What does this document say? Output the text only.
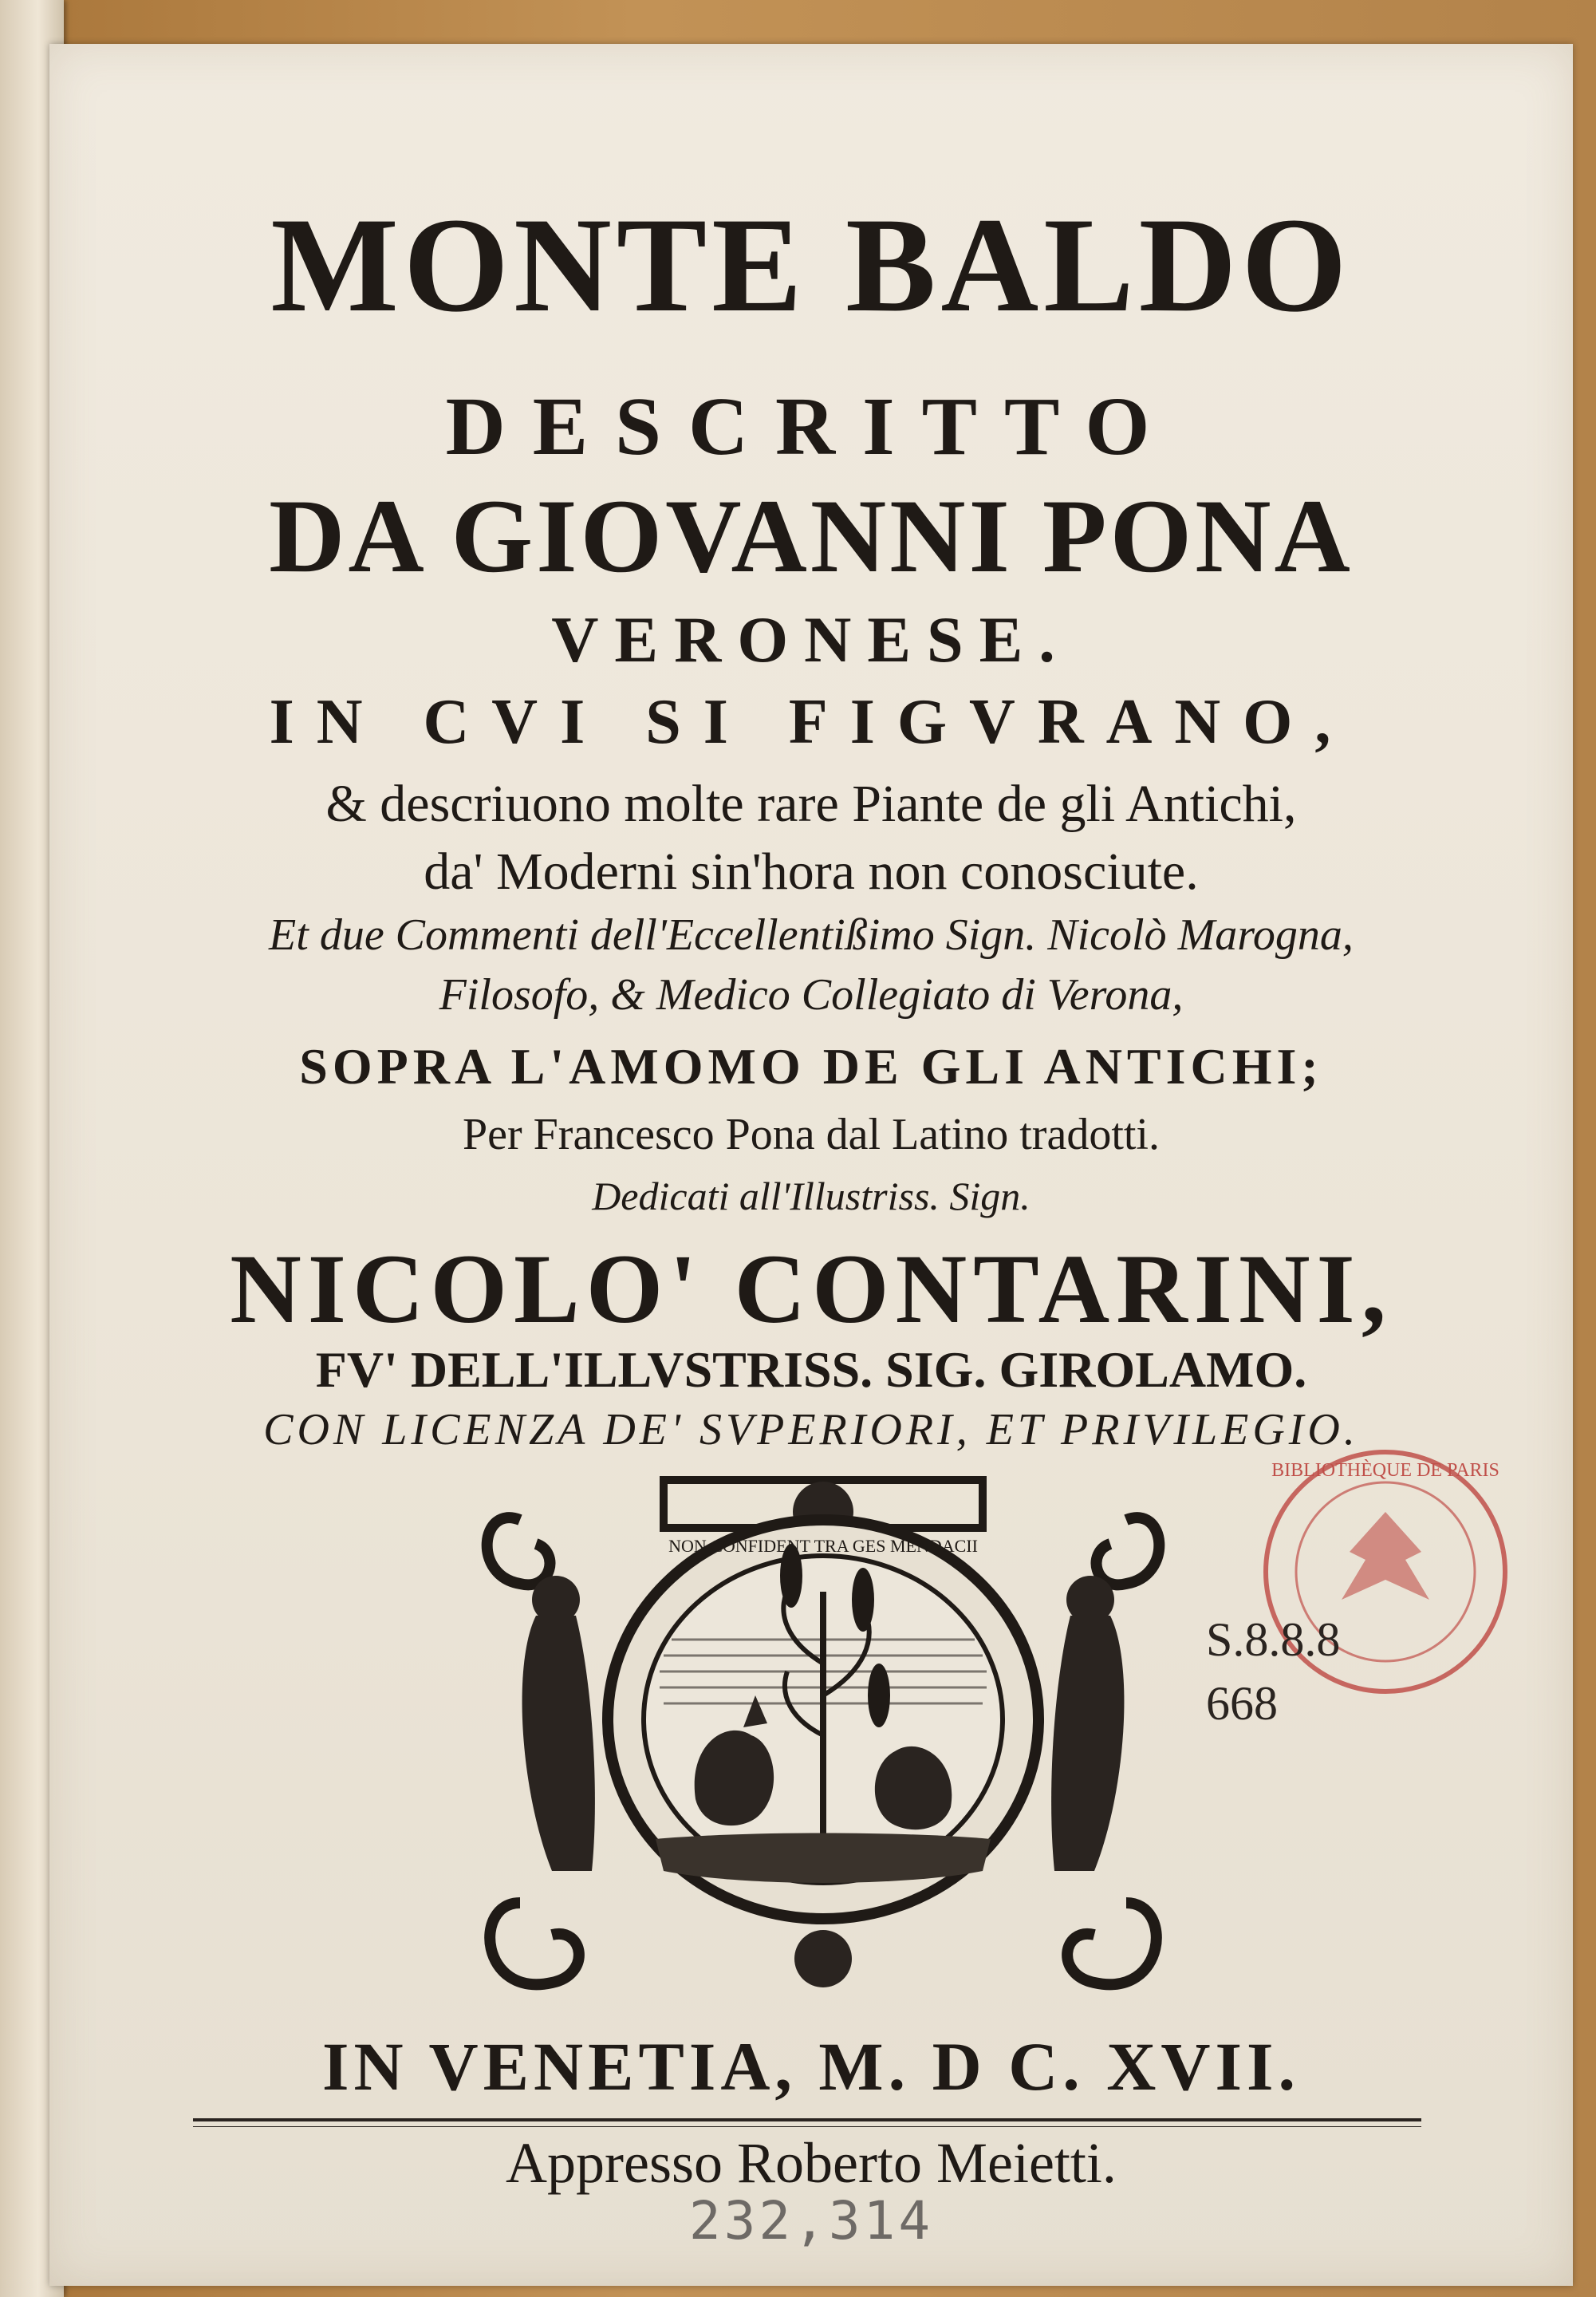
MONTE BALDO
DESCRITTO
DA GIOVANNI PONA
VERONESE.
IN CVI SI FIGVRANO,
& descriuono molte rare Piante de gli Antichi,
da' Moderni sin'hora non conosciute.
Et due Commenti dell'Eccellentißimo Sign. Nicolò Marogna,
Filosofo, & Medico Collegiato di Verona,
SOPRA L'AMOMO DE GLI ANTICHI;
Per Francesco Pona dal Latino tradotti.
Dedicati all'Illustriss. Sign.
NICOLO' CONTARINI,
FV' DELL'ILLVSTRISS. SIG. GIROLAMO.
CON LICENZA DE' SVPERIORI, ET PRIVILEGIO.
NON CONFIDENT TRA GES MENDACII
BIBLIOTHÈQUE DE PARIS
S.8.8.8
668
IN VENETIA, M. D C. XVII.
Appresso Roberto Meietti.
232,314
